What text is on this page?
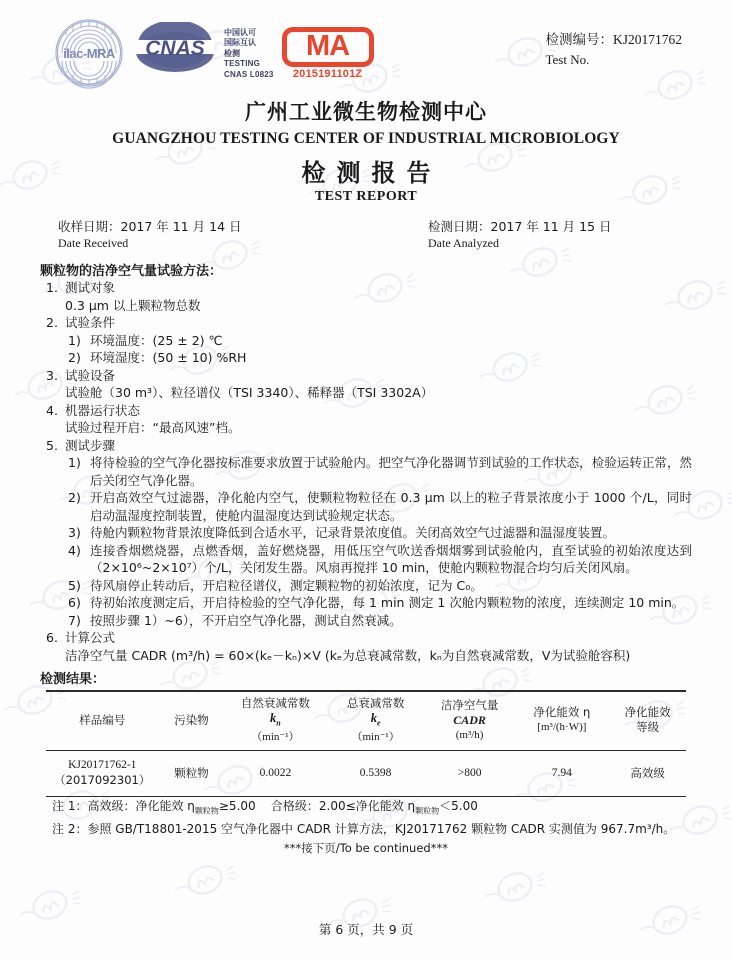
ilac-MRA CNAS
中国认可
国际互认
检测
TESTING
CNAS L0823
MA
2015191101Z
检测编号：KJ20171762
Test No.
广州工业微生物检测中心
GUANGZHOU TESTING CENTER OF INDUSTRIAL MICROBIOLOGY
检测报告
TEST REPORT
收样日期：2017 年 11 月 14 日
Date Received
检测日期：2017 年 11 月 15 日
Date Analyzed
颗粒物的洁净空气量试验方法：
1. 测试对象
0.3 μm 以上颗粒物总数
2. 试验条件
1) 环境温度：(25 ± 2) ℃
2) 环境湿度：(50 ± 10) %RH
3. 试验设备
试验舱（30 m³）、粒径谱仪（TSI 3340）、稀释器（TSI 3302A）
4. 机器运行状态
试验过程开启：“最高风速”档。
5. 测试步骤
1) 将待检验的空气净化器按标准要求放置于试验舱内。把空气净化器调节到试验的工作状态，检验运转正常，然后关闭空气净化器。
2) 开启高效空气过滤器，净化舱内空气，使颗粒物粒径在 0.3 μm 以上的粒子背景浓度小于 1000 个/L，同时启动温湿度控制装置，使舱内温湿度达到试验规定状态。
3) 待舱内颗粒物背景浓度降低到合适水平，记录背景浓度值。关闭高效空气过滤器和温湿度装置。
4) 连接香烟燃烧器，点燃香烟，盖好燃烧器，用低压空气吹送香烟烟雾到试验舱内，直至试验的初始浓度达到（2×10⁶~2×10⁷）个/L，关闭发生器。风扇再搅拌 10 min，使舱内颗粒物混合均匀后关闭风扇。
5) 待风扇停止转动后，开启粒径谱仪，测定颗粒物的初始浓度，记为 C₀。
6) 待初始浓度测定后，开启待检验的空气净化器，每 1 min 测定 1 次舱内颗粒物的浓度，连续测定 10 min。
7) 按照步骤 1）~6），不开启空气净化器，测试自然衰减。
6. 计算公式
洁净空气量 CADR (m³/h) = 60×(kₑ－kₙ)×V (kₑ为总衰减常数，kₙ为自然衰减常数，V为试验舱容积)
检测结果：
样品编号	污染物	自然衰减常数
$k_n$
（min⁻¹）	总衰减常数
$k_e$
（min⁻¹）	洁净空气量
CADR
(m³/h)	净化能效 η
[m³/(h·W)]	净化能效
等级

KJ20171762-1
（2017092301）	颗粒物	0.0022	0.5398	>800	7.94	高效级
注 1：高效级：净化能效 $\eta_{颗粒物}\ge 5.00$ 合格级：2.00≤净化能效 $\eta_{颗粒物}<5.00$
注 2：参照 GB/T18801-2015 空气净化器中 CADR 计算方法，KJ20171762 颗粒物 CADR 实测值为 967.7m³/h。
***接下页/To be continued***
第 6 页，共 9 页
